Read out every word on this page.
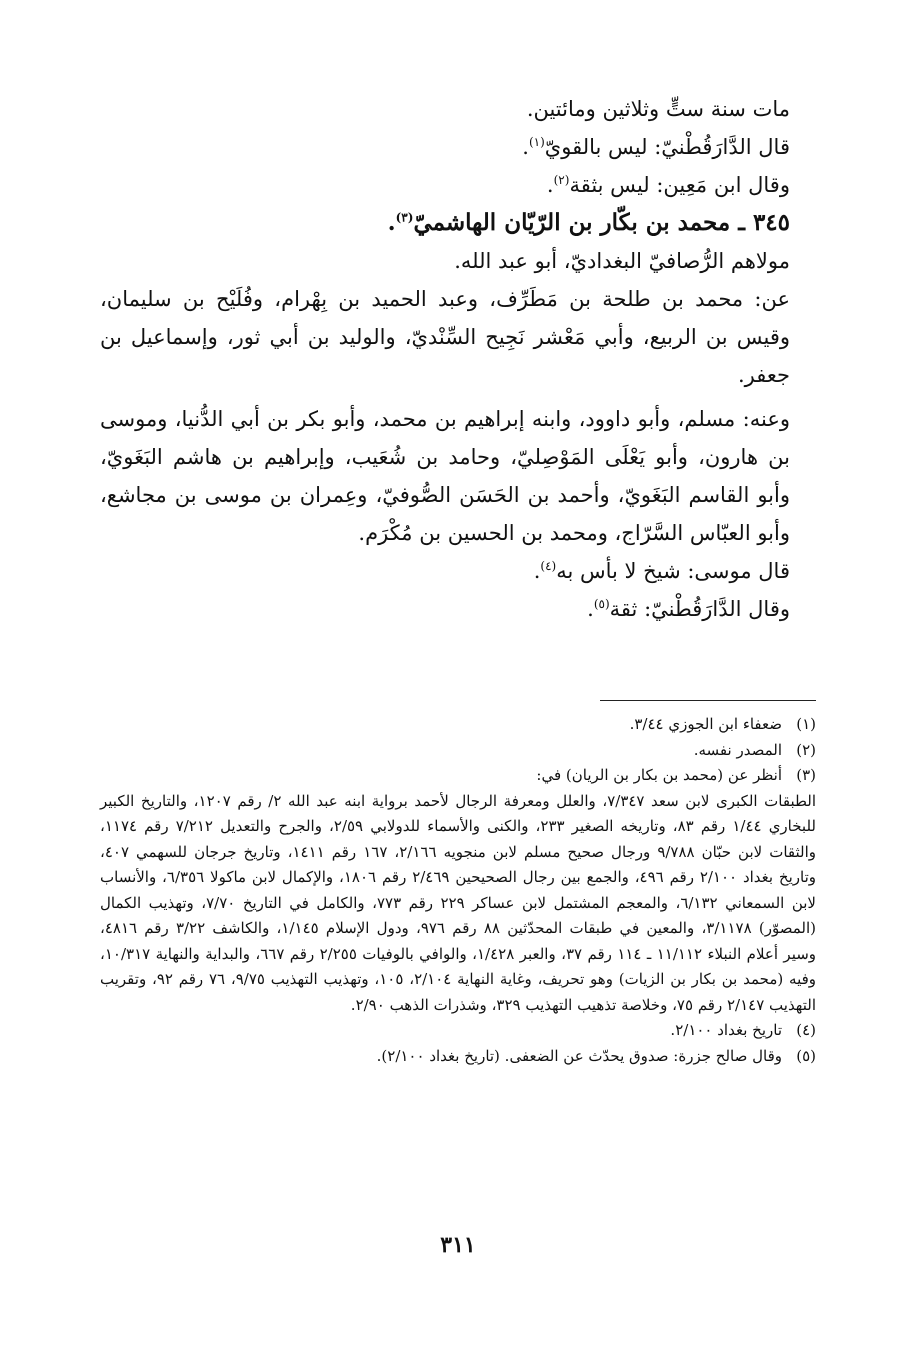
مات سنة ستٍّ وثلاثين ومائتين.

قال الدَّارَقُطْنيّ: ليس بالقويّ$^{(١)}$.

وقال ابن مَعِين: ليس بثقة$^{(٢)}$.

٣٤٥ ـ محمد بن بكّار بن الرّيّان الهاشميّ$^{(٣)}$.

مولاهم الرُّصافيّ البغداديّ، أبو عبد الله.

عن: محمد بن طلحة بن مَطَرِّف، وعبد الحميد بن بِهْرام، وفُلَيْح بن سليمان، وقيس بن الربيع، وأبي مَعْشر نَجِيح السِّنْديّ، والوليد بن أبي ثور، وإسماعيل بن جعفر.

وعنه: مسلم، وأبو داوود، وابنه إبراهيم بن محمد، وأبو بكر بن أبي الدُّنيا، وموسى بن هارون، وأبو يَعْلَى المَوْصِليّ، وحامد بن شُعَيب، وإبراهيم بن هاشم البَغَويّ، وأبو القاسم البَغَويّ، وأحمد بن الحَسَن الصُّوفيّ، وعِمران بن موسى بن مجاشع، وأبو العبّاس السَّرّاج، ومحمد بن الحسين بن مُكْرَم.

قال موسى: شيخ لا بأس به$^{(٤)}$.

وقال الدَّارَقُطْنيّ: ثقة$^{(٥)}$.

(١)
ضعفاء ابن الجوزي ٣/٤٤.

(٢)
المصدر نفسه.

(٣)
أنظر عن (محمد بن بكار بن الريان) في:

الطبقات الكبرى لابن سعد ٧/٣٤٧، والعلل ومعرفة الرجال لأحمد برواية ابنه عبد الله ٢/ رقم ١٢٠٧، والتاريخ الكبير للبخاري ١/٤٤ رقم ٨٣، وتاريخه الصغير ٢٣٣، والكنى والأسماء للدولابي ٢/٥٩، والجرح والتعديل ٧/٢١٢ رقم ١١٧٤، والثقات لابن حبّان ٩/٧٨٨ ورجال صحيح مسلم لابن منجويه ٢/١٦٦، ١٦٧ رقم ١٤١١، وتاريخ جرجان للسهمي ٤٠٧، وتاريخ بغداد ٢/١٠٠ رقم ٤٩٦، والجمع بين رجال الصحيحين ٢/٤٦٩ رقم ١٨٠٦، والإكمال لابن ماكولا ٦/٣٥٦، والأنساب لابن السمعاني ٦/١٣٢، والمعجم المشتمل لابن عساكر ٢٢٩ رقم ٧٧٣، والكامل في التاريخ ٧/٧٠، وتهذيب الكمال (المصوّر) ٣/١١٧٨، والمعين في طبقات المحدّثين ٨٨ رقم ٩٧٦، ودول الإسلام ١/١٤٥، والكاشف ٣/٢٢ رقم ٤٨١٦، وسير أعلام النبلاء ١١/١١٢ ـ ١١٤ رقم ٣٧، والعبر ١/٤٢٨، والوافي بالوفيات ٢/٢٥٥ رقم ٦٦٧، والبداية والنهاية ١٠/٣١٧، وفيه (محمد بن بكار بن الزيات) وهو تحريف، وغاية النهاية ٢/١٠٤، ١٠٥، وتهذيب التهذيب ٩/٧٥، ٧٦ رقم ٩٢، وتقريب التهذيب ٢/١٤٧ رقم ٧٥، وخلاصة تذهيب التهذيب ٣٢٩، وشذرات الذهب ٢/٩٠.

(٤)
تاريخ بغداد ٢/١٠٠.

(٥)
وقال صالح جزرة: صدوق يحدّث عن الضعفى. (تاريخ بغداد ٢/١٠٠).

٣١١
